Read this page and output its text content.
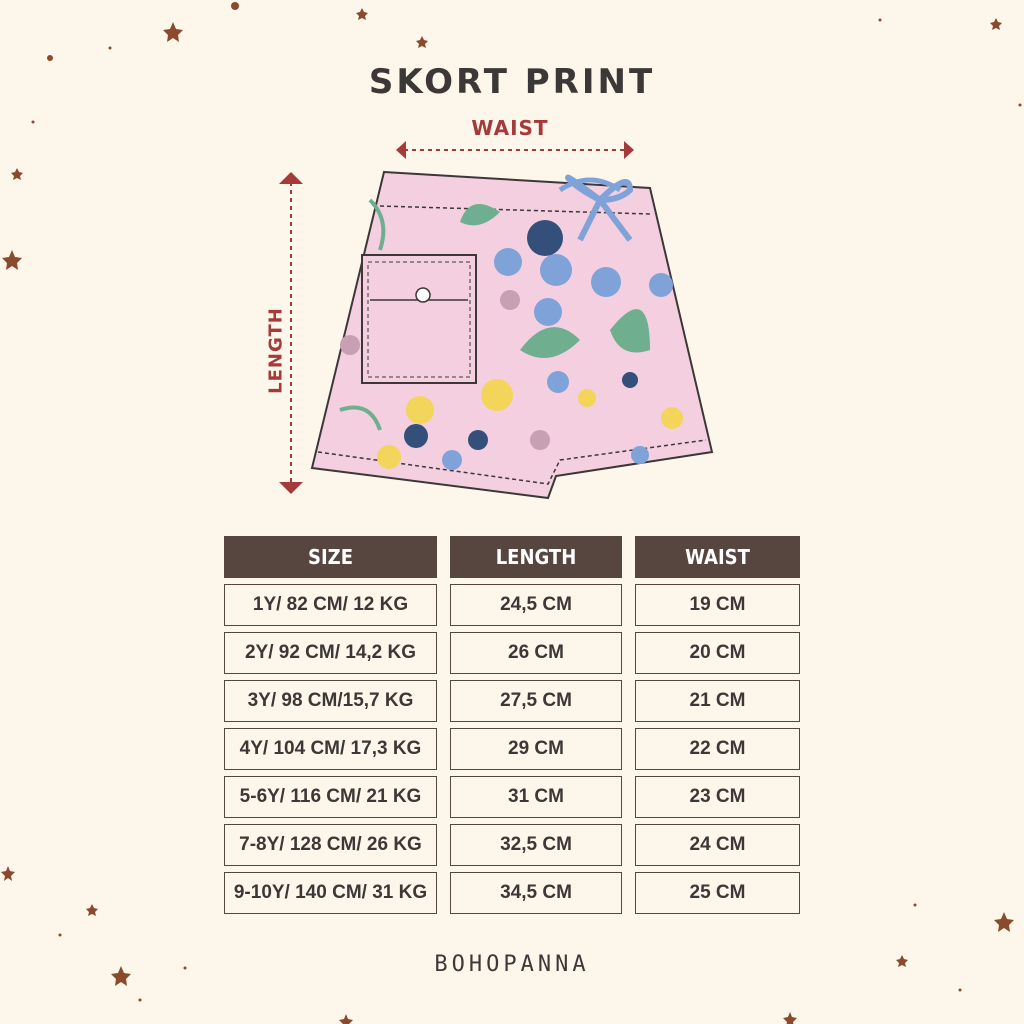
SKORT PRINT
WAIST
LENGTH
SIZE	LENGTH	WAIST
1Y/ 82 CM/ 12 KG	24,5 CM	19 CM
2Y/ 92 CM/ 14,2 KG	26 CM	20 CM
3Y/ 98 CM/15,7 KG	27,5 CM	21 CM
4Y/ 104 CM/ 17,3 KG	29 CM	22 CM
5-6Y/ 116 CM/ 21 KG	31 CM	23 CM
7-8Y/ 128 CM/ 26 KG	32,5 CM	24 CM
9-10Y/ 140 CM/ 31 KG	34,5 CM	25 CM
BOHOPANNA
